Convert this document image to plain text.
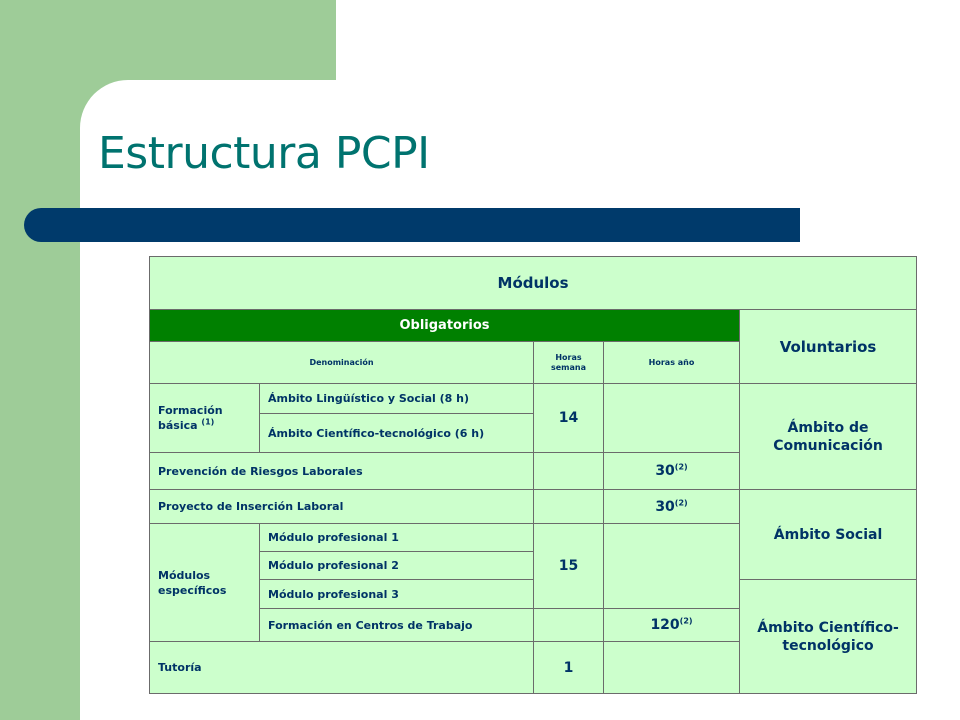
Estructura PCPI
Módulos				
Obligatorios				Voluntarios
Denominación		Horas semana	Horas año	
Formación básica $^{(1)}$	Ámbito Lingüístico y Social (8 h)	14		Ámbito de Comunicación
	Ámbito Científico-tecnológico (6 h)			
Prevención de Riesgos Laborales			30$^{(2)}$
Proyecto de Inserción Laboral			30$^{(2)}$	Ámbito Social
Módulos específicos	Módulo profesional 1	15		
	Módulo profesional 2			
	Módulo profesional 3			Ámbito Científico-tecnológico
	Formación en Centros de Trabajo		120$^{(2)}$
Tutoría		1		
